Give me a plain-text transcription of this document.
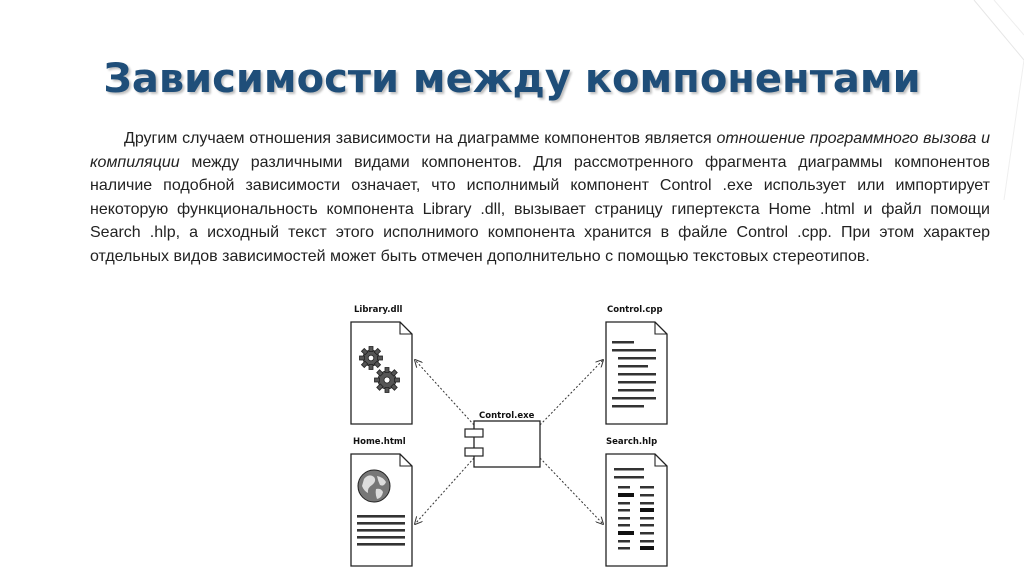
Зависимости между компонентами
Другим случаем отношения зависимости на диаграмме компонентов является отношение программного вызова и компиляции между различными видами компонентов. Для рассмотренного фрагмента диаграммы компонентов наличие подобной зависимости означает, что исполнимый компонент Control .exe использует или импортирует некоторую функциональность компонента Library .dll, вызывает страницу гипертекста Home .html и файл помощи Search .hlp, а исходный текст этого исполнимого компонента хранится в файле Control .cpp. При этом характер отдельных видов зависимостей может быть отмечен дополнительно с помощью текстовых стереотипов.
Library.dll
Home.html
Control.cpp
Search.hlp
Control.exe
